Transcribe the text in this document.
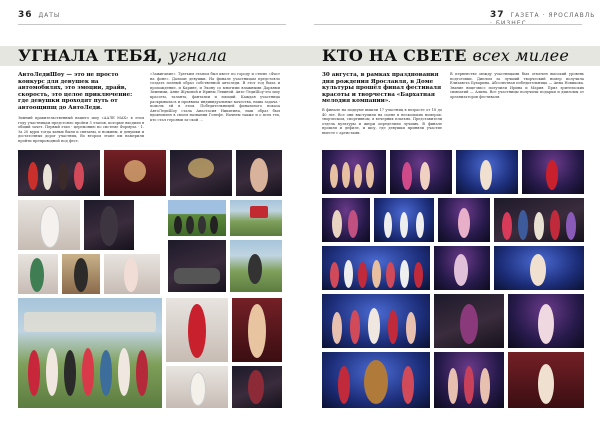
36 ДАТЫ
УГНАЛА ТЕБЯ, угнала

АвтоЛедиШоу — это не просто конкурс для девушек на автомобилях, это эмоции, драйв, скорость, это целое приключение: где девушки проходят путь от автоощипщ до АвтоЛеди.

Зимний правительственный нашего шоу «ААЛЕ МАХ» в этом году участницам предстояло пройти 5 этапов, которые входили в общий зачет. Первый этап - церемонию по системе Формула - 1. За 20 куры тогда ханых были и связаны, и ножины, и девушки и достаточных дорог участниц. Во втором этапе им намерили пройти препроводной под фест.

«Зажигание». Третьим этапом был квест по городу и стилю «Фаст на фоне». Дальше девушки. На финале участницам предстояло создать полный образ собственной автоледи. В этот год была и прохождение, и Карине, и Экону со многими влажными Дарьями Зимними, Анне Жуковой и Ирины Левиной. Авто-ЛедиШоу-это шоу красоты, таланта, фантазии и эмоций. Каждая участница раскрывалась и проявила индивидуальные качества, наша задача - помочь ей в этом. Победительницей финального показа АвтоЛедиШоу стала Анастасия Никитина, наш образ был вдохновлен в своем названии Гонефе. Начнем также и о всех тех, кто стал героями за-ской ...

37 ГАЗЕТА · ЯРОСЛАВЛЬ
КТО НА СВЕТЕ всех милее

30 августа, в рамках празднования дня рождения Ярославля, в Доме культуры прошёл финал фестиваля красоты и творчества «Бархатная мелодия компании».

В финале на подиуме вышли 17 участниц в возрасте от 18 до 40 лет. Все они выступили на сцене в нескольких номерах: творческом, спортивном, в вечерних платьях. Представители отдела культуры и жюри определили лучших. В финале прошли и дефиле, и шоу, где девушки приняли участие вместе с артистами.

В первенстве между участницами был отмечен высокий уровень подготовки. Диплом за лучший творческий номер получила Елизавета Бухарина. Абсолютная победительница — Анна Новикова. Звание вице-мисс получили Ирина и Мария. Приз зрительских симпатий — Алина. Все участницы получили подарки и дипломы от организаторов фестиваля.
